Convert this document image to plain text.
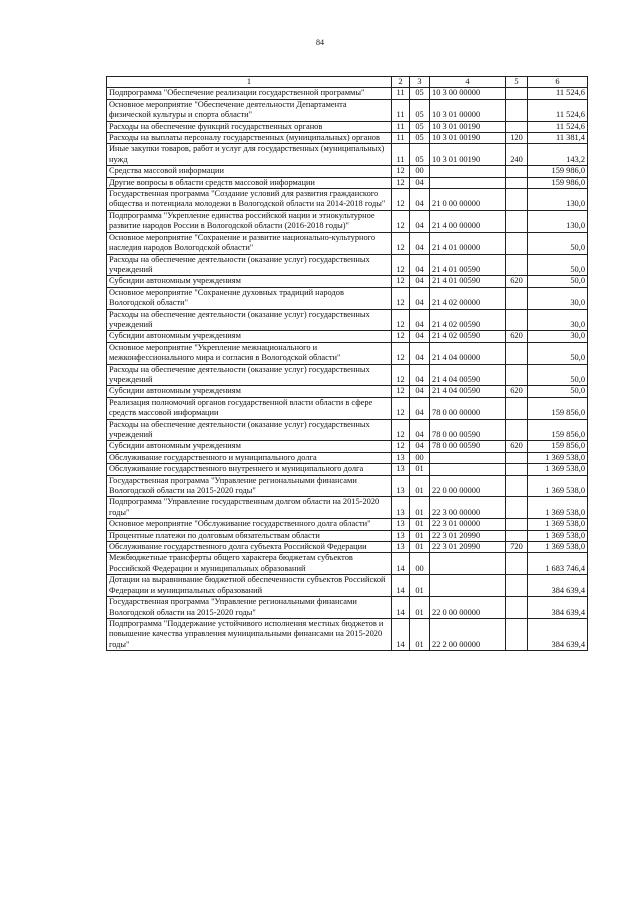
84
1	2	3	4	5	6
Подпрограмма "Обеспечение реализации государственной программы"	11	05	10 3 00 00000		11 524,6
Основное мероприятие "Обеспечение деятельности Департамента физической культуры и спорта области"	11	05	10 3 01 00000		11 524,6
Расходы на обеспечение функций государственных органов	11	05	10 3 01 00190		11 524,6
Расходы на выплаты персоналу государственных (муниципальных) органов	11	05	10 3 01 00190	120	11 381,4
Иные закупки товаров, работ и услуг для государственных (муниципальных) нужд	11	05	10 3 01 00190	240	143,2
Средства массовой информации	12	00			159 986,0
Другие вопросы в области средств массовой информации	12	04			159 986,0
Государственная программа "Создание условий для развития гражданского общества и потенциала молодежи в Вологодской области на 2014-2018 годы"	12	04	21 0 00 00000		130,0
Подпрограмма "Укрепление единства российской нации и этнокультурное развитие народов России в Вологодской области (2016-2018 годы)"	12	04	21 4 00 00000		130,0
Основное мероприятие "Сохранение и развитие национально-культурного наследия народов Вологодской области"	12	04	21 4 01 00000		50,0
Расходы на обеспечение деятельности (оказание услуг) государственных учреждений	12	04	21 4 01 00590		50,0
Субсидии автономным учреждениям	12	04	21 4 01 00590	620	50,0
Основное мероприятие "Сохранение духовных традиций народов Вологодской области"	12	04	21 4 02 00000		30,0
Расходы на обеспечение деятельности (оказание услуг) государственных учреждений	12	04	21 4 02 00590		30,0
Субсидии автономным учреждениям	12	04	21 4 02 00590	620	30,0
Основное мероприятие "Укрепление межнационального и межконфессионального мира и согласия в Вологодской области"	12	04	21 4 04 00000		50,0
Расходы на обеспечение деятельности (оказание услуг) государственных учреждений	12	04	21 4 04 00590		50,0
Субсидии автономным учреждениям	12	04	21 4 04 00590	620	50,0
Реализация полномочий органов государственной власти области в сфере средств массовой информации	12	04	78 0 00 00000		159 856,0
Расходы на обеспечение деятельности (оказание услуг) государственных учреждений	12	04	78 0 00 00590		159 856,0
Субсидии автономным учреждениям	12	04	78 0 00 00590	620	159 856,0
Обслуживание государственного и муниципального долга	13	00			1 369 538,0
Обслуживание государственного внутреннего и муниципального долга	13	01			1 369 538,0
Государственная программа "Управление региональными финансами Вологодской области на 2015-2020 годы"	13	01	22 0 00 00000		1 369 538,0
Подпрограмма "Управление государственным долгом области на 2015-2020 годы"	13	01	22 3 00 00000		1 369 538,0
Основное мероприятие "Обслуживание государственного долга области"	13	01	22 3 01 00000		1 369 538,0
Процентные платежи по долговым обязательствам области	13	01	22 3 01 20990		1 369 538,0
Обслуживание государственного долга субъекта Российской Федерации	13	01	22 3 01 20990	720	1 369 538,0
Межбюджетные трансферты общего характера бюджетам субъектов Российской Федерации и муниципальных образований	14	00			1 683 746,4
Дотации на выравнивание бюджетной обеспеченности субъектов Российской Федерации и муниципальных образований	14	01			384 639,4
Государственная программа "Управление региональными финансами Вологодской области на 2015-2020 годы"	14	01	22 0 00 00000		384 639,4
Подпрограмма "Поддержание устойчивого исполнения местных бюджетов и повышение качества управления муниципальными финансами на 2015-2020 годы"	14	01	22 2 00 00000		384 639,4
